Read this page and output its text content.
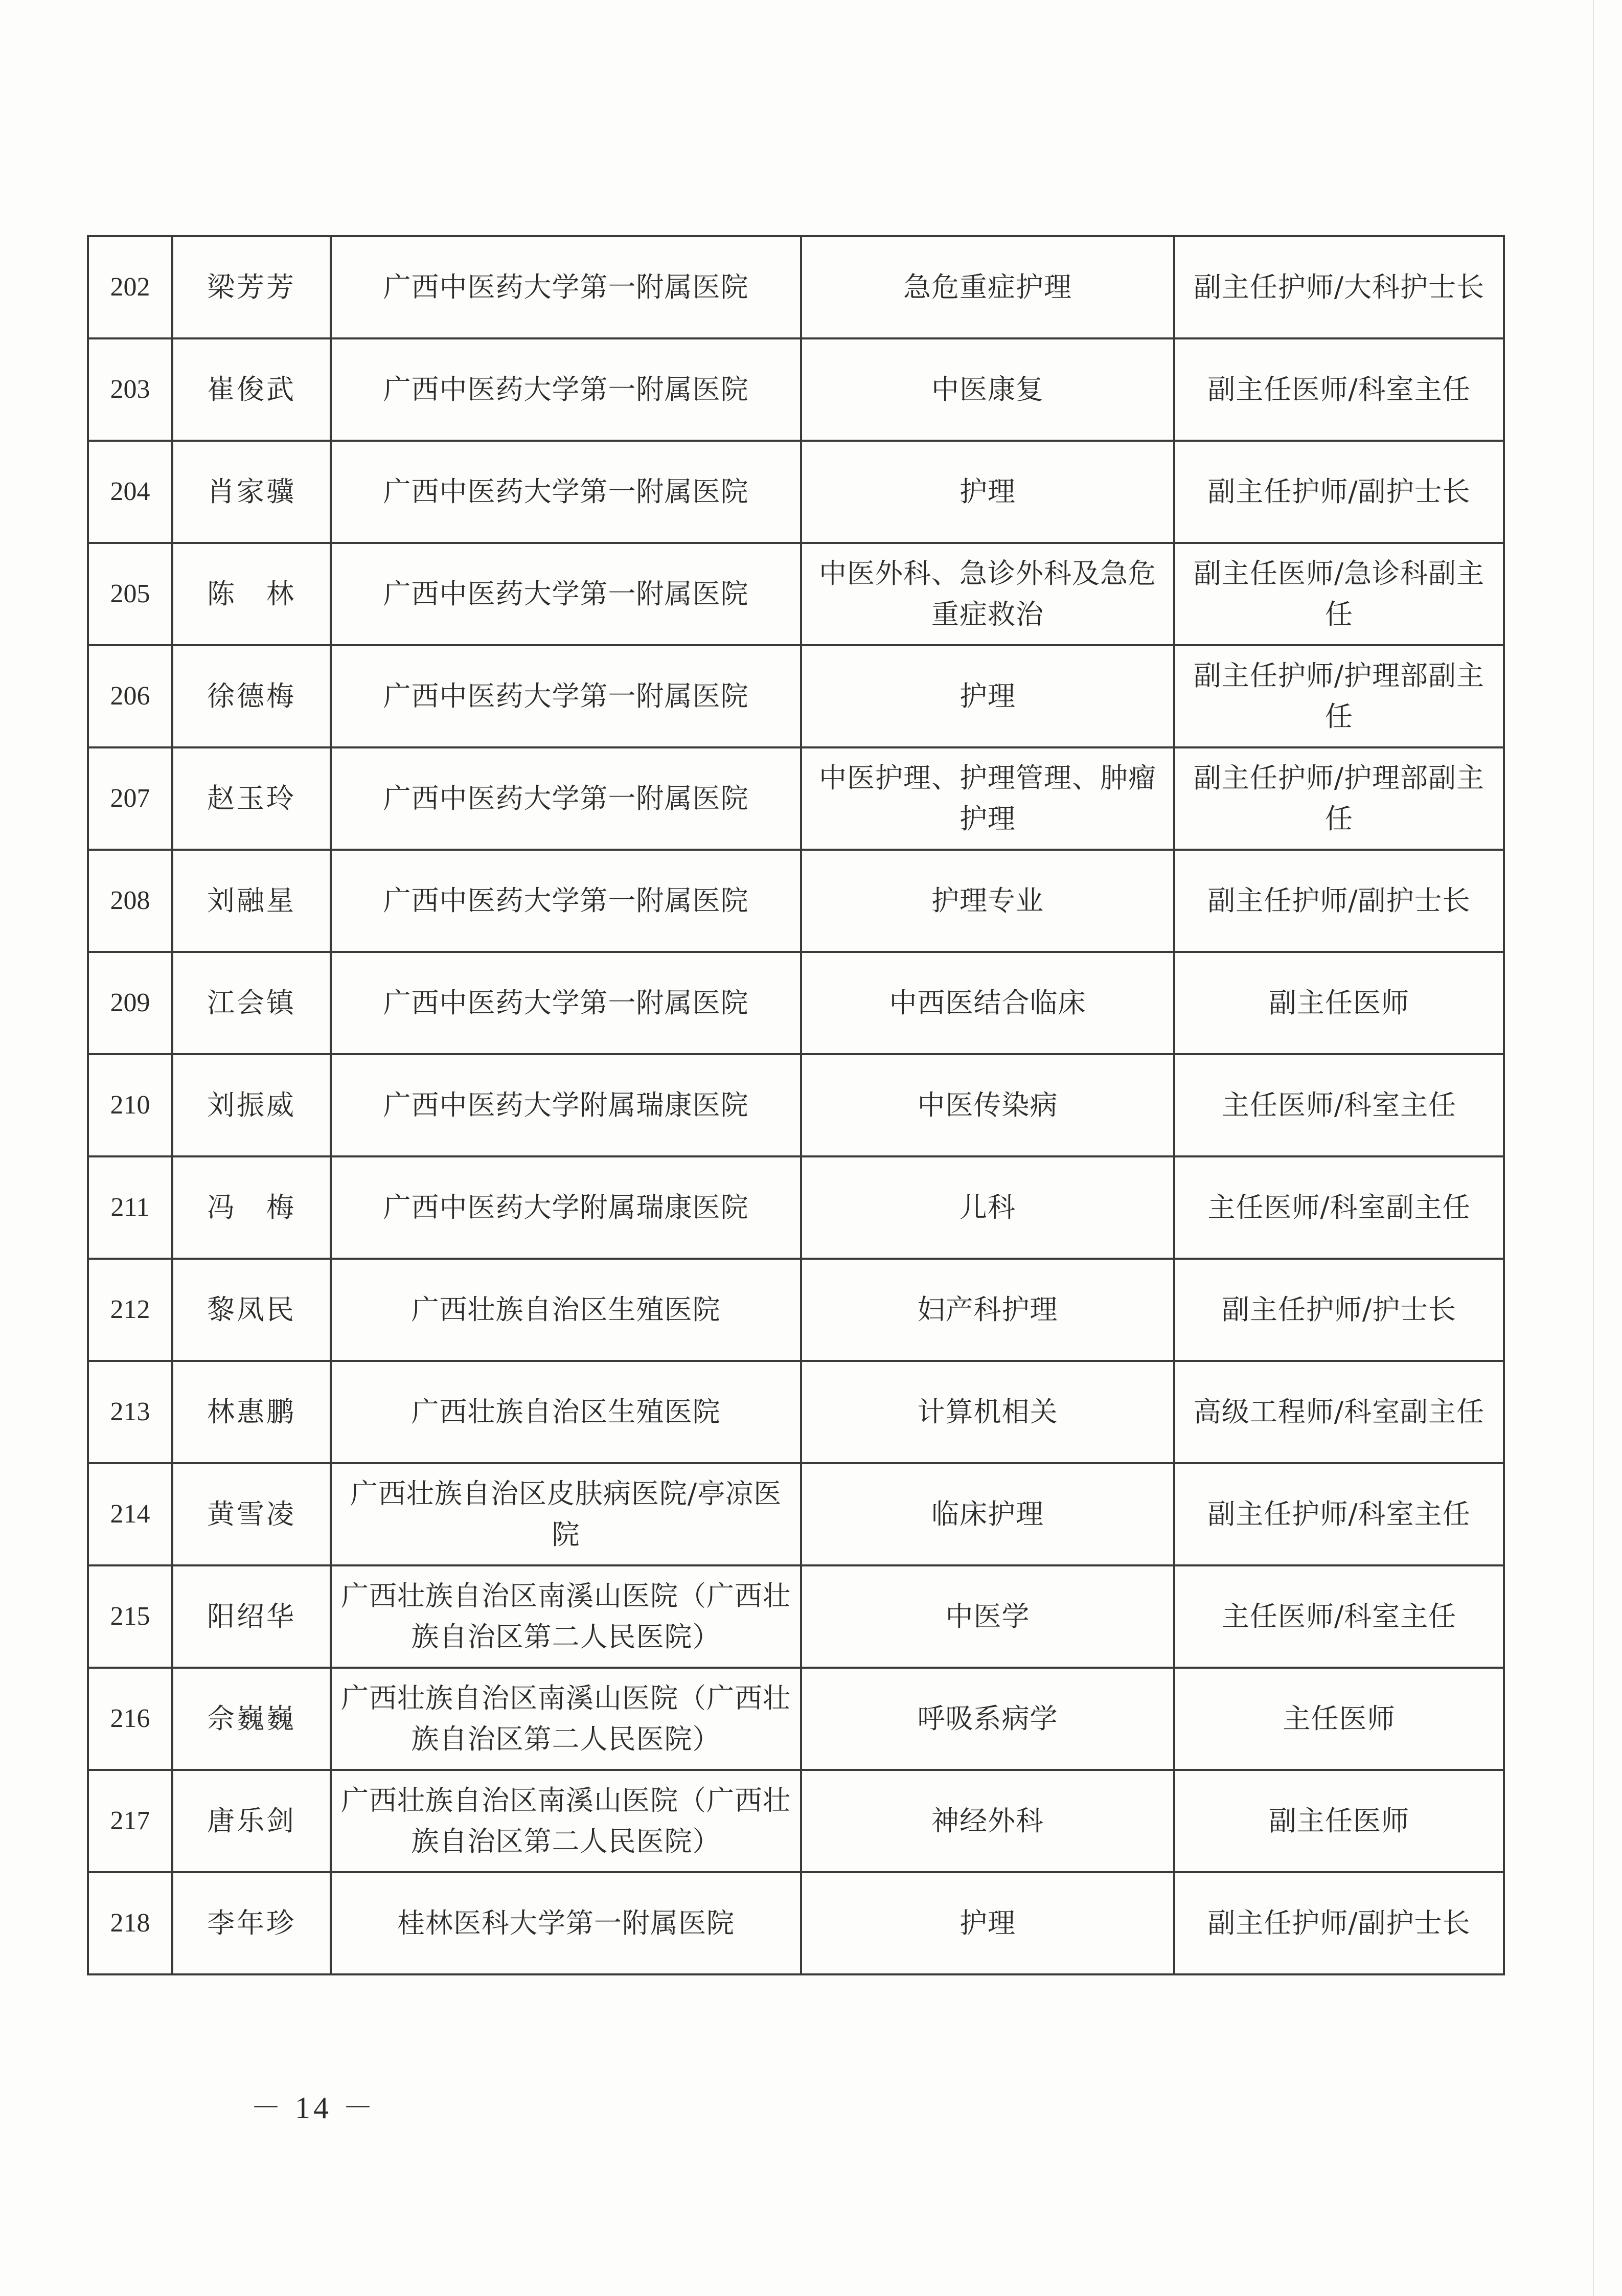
202	梁芳芳	广西中医药大学第一附属医院	急危重症护理	副主任护师/大科护士长
203	崔俊武	广西中医药大学第一附属医院	中医康复	副主任医师/科室主任
204	肖家骥	广西中医药大学第一附属医院	护理	副主任护师/副护士长
205	陈　林	广西中医药大学第一附属医院	中医外科、急诊外科及急危重症救治	副主任医师/急诊科副主任
206	徐德梅	广西中医药大学第一附属医院	护理	副主任护师/护理部副主任
207	赵玉玲	广西中医药大学第一附属医院	中医护理、护理管理、肿瘤护理	副主任护师/护理部副主任
208	刘融星	广西中医药大学第一附属医院	护理专业	副主任护师/副护士长
209	江会镇	广西中医药大学第一附属医院	中西医结合临床	副主任医师
210	刘振威	广西中医药大学附属瑞康医院	中医传染病	主任医师/科室主任
211	冯　梅	广西中医药大学附属瑞康医院	儿科	主任医师/科室副主任
212	黎凤民	广西壮族自治区生殖医院	妇产科护理	副主任护师/护士长
213	林惠鹏	广西壮族自治区生殖医院	计算机相关	高级工程师/科室副主任
214	黄雪凌	广西壮族自治区皮肤病医院/亭凉医院	临床护理	副主任护师/科室主任
215	阳绍华	广西壮族自治区南溪山医院（广西壮族自治区第二人民医院）	中医学	主任医师/科室主任
216	佘巍巍	广西壮族自治区南溪山医院（广西壮族自治区第二人民医院）	呼吸系病学	主任医师
217	唐乐剑	广西壮族自治区南溪山医院（广西壮族自治区第二人民医院）	神经外科	副主任医师
218	李年珍	桂林医科大学第一附属医院	护理	副主任护师/副护士长
－ 14 －
